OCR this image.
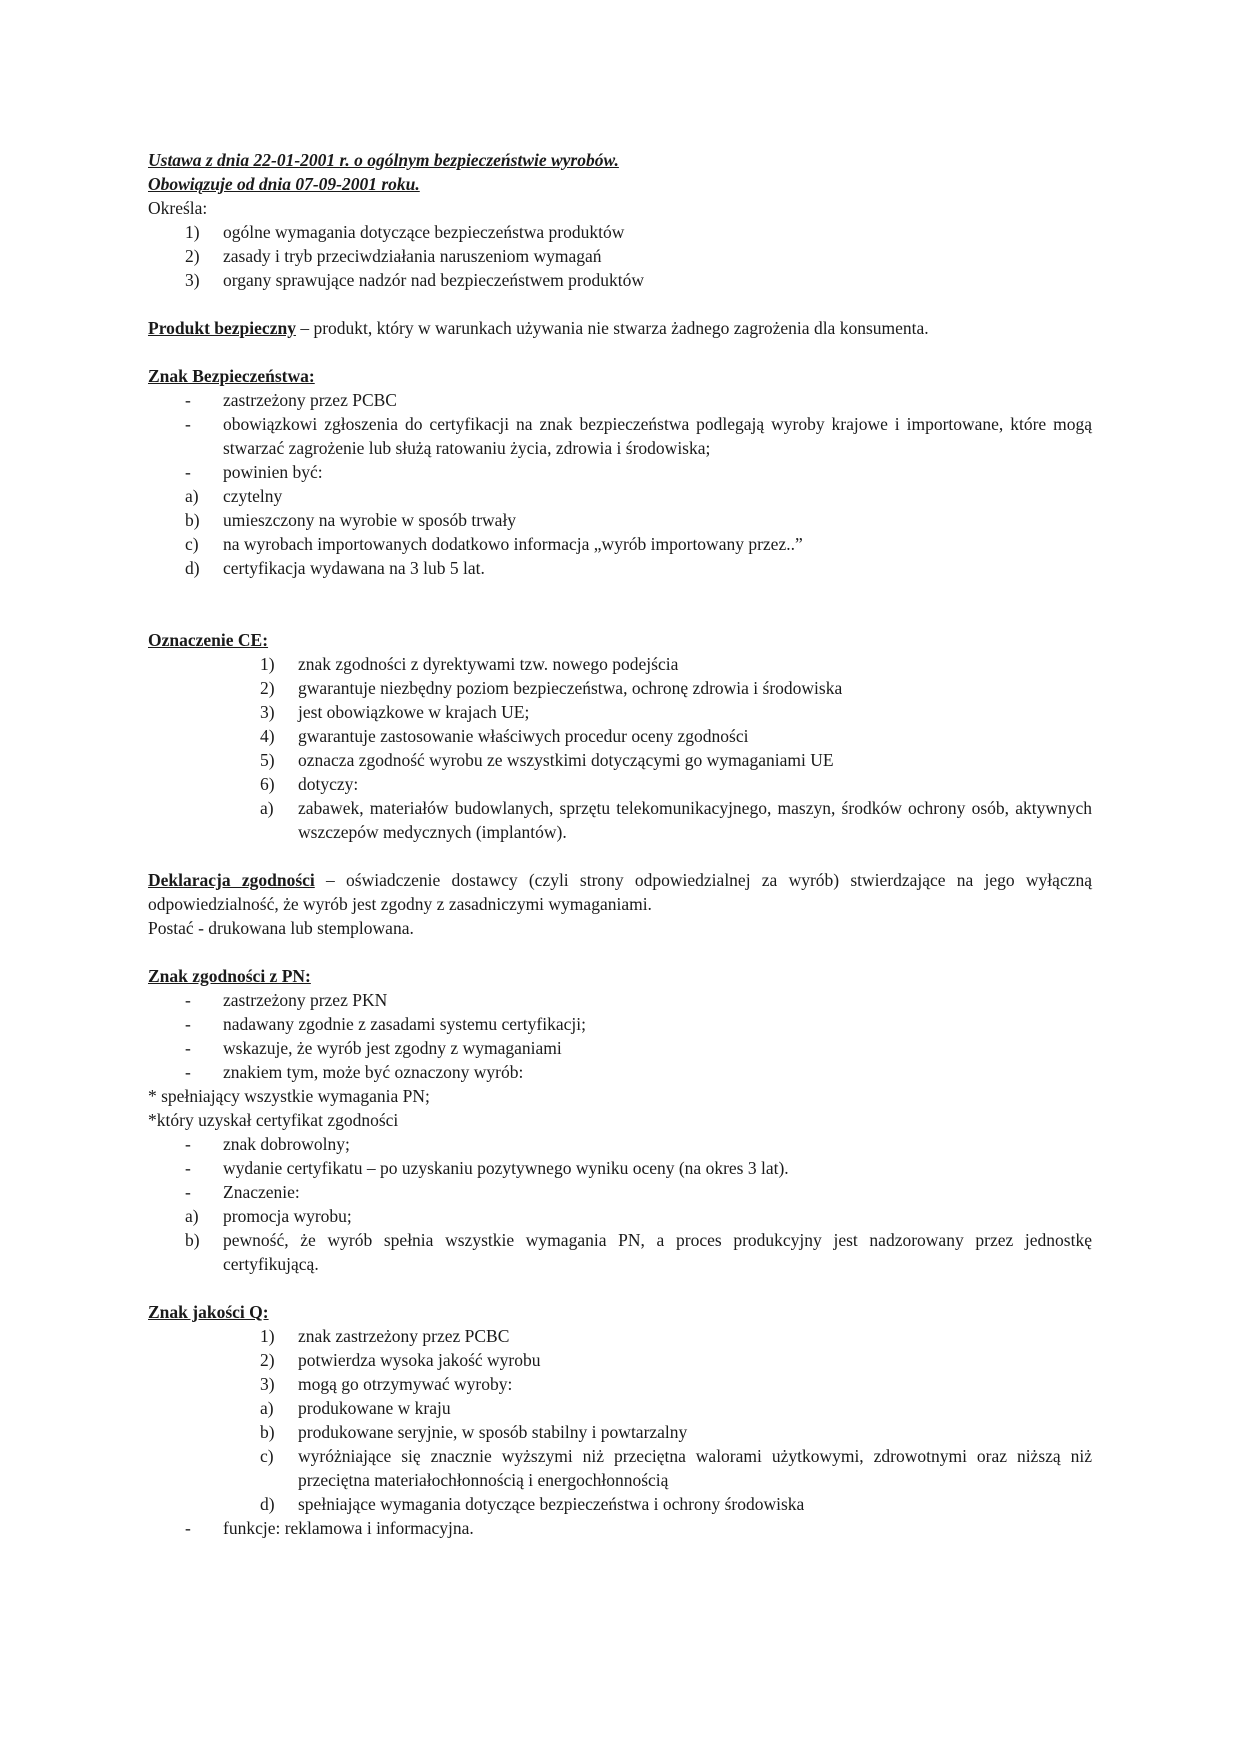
Ustawa z dnia 22-01-2001 r. o ogólnym bezpieczeństwie wyrobów.

Obowiązuje od dnia 07-09-2001 roku.

Określa:

1)	ogólne wymagania dotyczące bezpieczeństwa produktów
2)	zasady i tryb przeciwdziałania naruszeniom wymagań
3)	organy sprawujące nadzór nad bezpieczeństwem produktów

Produkt bezpieczny – produkt, który w warunkach używania nie stwarza żadnego zagrożenia dla konsumenta.

Znak Bezpieczeństwa:

-	zastrzeżony przez PCBC
-	obowiązkowi zgłoszenia do certyfikacji na znak bezpieczeństwa podlegają wyroby krajowe i importowane, które mogą stwarzać zagrożenie lub służą ratowaniu życia, zdrowia i środowiska;
-	powinien być:
a)	czytelny
b)	umieszczony na wyrobie w sposób trwały
c)	na wyrobach importowanych dodatkowo informacja „wyrób importowany przez..”
d)	certyfikacja wydawana na 3 lub 5 lat.

Oznaczenie CE:

1)	znak zgodności z dyrektywami tzw. nowego podejścia
2)	gwarantuje niezbędny poziom bezpieczeństwa, ochronę zdrowia i środowiska
3)	jest obowiązkowe w krajach UE;
4)	gwarantuje zastosowanie właściwych procedur oceny zgodności
5)	oznacza zgodność wyrobu ze wszystkimi dotyczącymi go wymaganiami UE
6)	dotyczy:
a)	zabawek, materiałów budowlanych, sprzętu telekomunikacyjnego, maszyn, środków ochrony osób, aktywnych wszczepów medycznych (implantów).

Deklaracja zgodności – oświadczenie dostawcy (czyli strony odpowiedzialnej za wyrób) stwierdzające na jego wyłączną odpowiedzialność, że wyrób jest zgodny z zasadniczymi wymaganiami.

Postać - drukowana lub stemplowana.

Znak zgodności z PN:

-	zastrzeżony przez PKN
-	nadawany zgodnie z zasadami systemu certyfikacji;
-	wskazuje, że wyrób jest zgodny z wymaganiami
-	znakiem tym, może być oznaczony wyrób:

* spełniający wszystkie wymagania PN;

*który uzyskał certyfikat zgodności

-	znak dobrowolny;
-	wydanie certyfikatu – po uzyskaniu pozytywnego wyniku oceny (na okres 3 lat).
-	Znaczenie:
a)	promocja wyrobu;
b)	pewność, że wyrób spełnia wszystkie wymagania PN, a proces produkcyjny jest nadzorowany przez jednostkę certyfikującą.

Znak jakości Q:

1)	znak zastrzeżony przez PCBC
2)	potwierdza wysoka jakość wyrobu
3)	mogą go otrzymywać wyroby:
a)	produkowane w kraju
b)	produkowane seryjnie, w sposób stabilny i powtarzalny
c)	wyróżniające się znacznie wyższymi niż przeciętna walorami użytkowymi, zdrowotnymi oraz niższą niż przeciętna materiałochłonnością i energochłonnością
d)	spełniające wymagania dotyczące bezpieczeństwa i ochrony środowiska
-	funkcje: reklamowa i informacyjna.
